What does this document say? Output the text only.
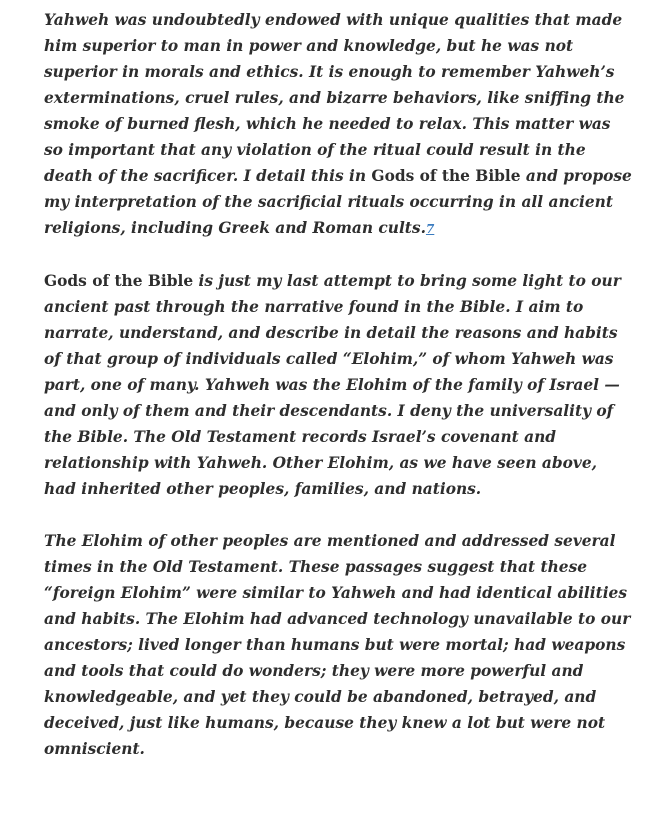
Yahweh was undoubtedly endowed with unique qualities that made him superior to man in power and knowledge, but he was not superior in morals and ethics. It is enough to remember Yahweh’s exterminations, cruel rules, and bizarre behaviors, like sniffing the smoke of burned flesh, which he needed to relax. This matter was so important that any violation of the ritual could result in the death of the sacrificer. I detail this in Gods of the Bible and propose my interpretation of the sacrificial rituals occurring in all ancient religions, including Greek and Roman cults.7

Gods of the Bible is just my last attempt to bring some light to our ancient past through the narrative found in the Bible. I aim to narrate, understand, and describe in detail the reasons and habits of that group of individuals called “Elohim,” of whom Yahweh was part, one of many. Yahweh was the Elohim of the family of Israel — and only of them and their descendants. I deny the universality of the Bible. The Old Testament records Israel’s covenant and relationship with Yahweh. Other Elohim, as we have seen above, had inherited other peoples, families, and nations.

The Elohim of other peoples are mentioned and addressed several times in the Old Testament. These passages suggest that these “foreign Elohim” were similar to Yahweh and had identical abilities and habits. The Elohim had advanced technology unavailable to our ancestors; lived longer than humans but were mortal; had weapons and tools that could do wonders; they were more powerful and knowledgeable, and yet they could be abandoned, betrayed, and deceived, just like humans, because they knew a lot but were not omniscient.
